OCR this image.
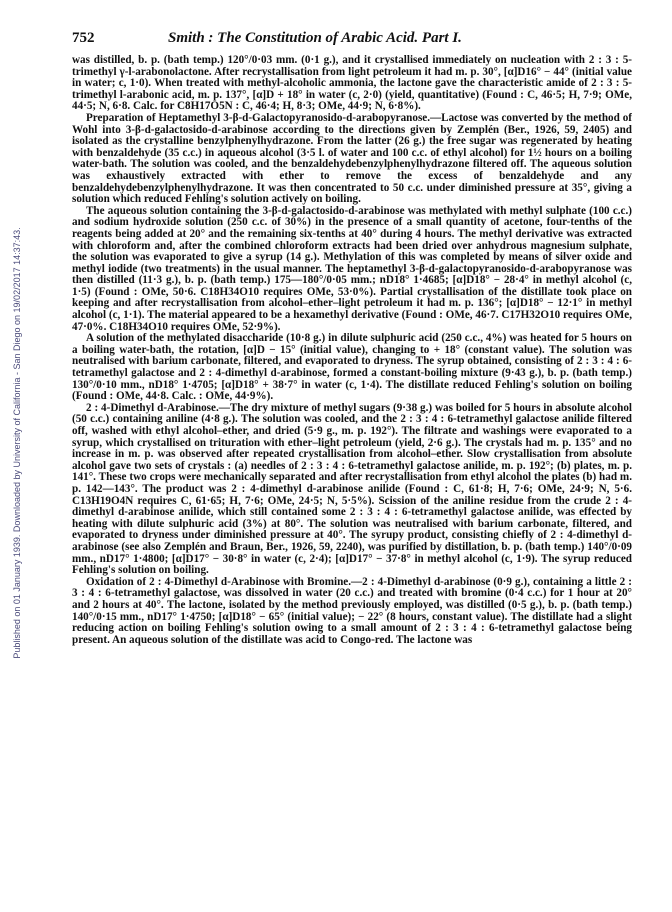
Published on 01 January 1939. Downloaded by University of California - San Diego on 19/02/2017 14:37:43.
752	Smith : The Constitution of Arabic Acid. Part I.

was distilled, b. p. (bath temp.) 120°/0·03 mm. (0·1 g.), and it crystallised immediately on nucleation with 2 : 3 : 5-trimethyl γ-l-arabonolactone. After recrystallisation from light petroleum it had m. p. 30°, [α]D16° − 44° (initial value in water; c, 1·0). When treated with methyl-alcoholic ammonia, the lactone gave the characteristic amide of 2 : 3 : 5-trimethyl l-arabonic acid, m. p. 137°, [α]D + 18° in water (c, 2·0) (yield, quantitative) (Found : C, 46·5; H, 7·9; OMe, 44·5; N, 6·8. Calc. for C8H17O5N : C, 46·4; H, 8·3; OMe, 44·9; N, 6·8%).

Preparation of Heptamethyl 3-β-d-Galactopyranosido-d-arabopyranose.—Lactose was converted by the method of Wohl into 3-β-d-galactosido-d-arabinose according to the directions given by Zemplén (Ber., 1926, 59, 2405) and isolated as the crystalline benzylphenylhydrazone. From the latter (26 g.) the free sugar was regenerated by heating with benzaldehyde (35 c.c.) in aqueous alcohol (3·5 l. of water and 100 c.c. of ethyl alcohol) for 1½ hours on a boiling water-bath. The solution was cooled, and the benzaldehydebenzylphenylhydrazone filtered off. The aqueous solution was exhaustively extracted with ether to remove the excess of benzaldehyde and any benzaldehydebenzylphenylhydrazone. It was then concentrated to 50 c.c. under diminished pressure at 35°, giving a solution which reduced Fehling's solution actively on boiling.

The aqueous solution containing the 3-β-d-galactosido-d-arabinose was methylated with methyl sulphate (100 c.c.) and sodium hydroxide solution (250 c.c. of 30%) in the presence of a small quantity of acetone, four-tenths of the reagents being added at 20° and the remaining six-tenths at 40° during 4 hours. The methyl derivative was extracted with chloroform and, after the combined chloroform extracts had been dried over anhydrous magnesium sulphate, the solution was evaporated to give a syrup (14 g.). Methylation of this was completed by means of silver oxide and methyl iodide (two treatments) in the usual manner. The heptamethyl 3-β-d-galactopyranosido-d-arabopyranose was then distilled (11·3 g.), b. p. (bath temp.) 175—180°/0·05 mm.; nD18° 1·4685; [α]D18° − 28·4° in methyl alcohol (c, 1·5) (Found : OMe, 50·6. C18H34O10 requires OMe, 53·0%). Partial crystallisation of the distillate took place on keeping and after recrystallisation from alcohol–ether–light petroleum it had m. p. 136°; [α]D18° − 12·1° in methyl alcohol (c, 1·1). The material appeared to be a hexamethyl derivative (Found : OMe, 46·7. C17H32O10 requires OMe, 47·0%. C18H34O10 requires OMe, 52·9%).

A solution of the methylated disaccharide (10·8 g.) in dilute sulphuric acid (250 c.c., 4%) was heated for 5 hours on a boiling water-bath, the rotation, [α]D − 15° (initial value), changing to + 18° (constant value). The solution was neutralised with barium carbonate, filtered, and evaporated to dryness. The syrup obtained, consisting of 2 : 3 : 4 : 6-tetramethyl galactose and 2 : 4-dimethyl d-arabinose, formed a constant-boiling mixture (9·43 g.), b. p. (bath temp.) 130°/0·10 mm., nD18° 1·4705; [α]D18° + 38·7° in water (c, 1·4). The distillate reduced Fehling's solution on boiling (Found : OMe, 44·8. Calc. : OMe, 44·9%).

2 : 4-Dimethyl d-Arabinose.—The dry mixture of methyl sugars (9·38 g.) was boiled for 5 hours in absolute alcohol (50 c.c.) containing aniline (4·8 g.). The solution was cooled, and the 2 : 3 : 4 : 6-tetramethyl galactose anilide filtered off, washed with ethyl alcohol–ether, and dried (5·9 g., m. p. 192°). The filtrate and washings were evaporated to a syrup, which crystallised on trituration with ether–light petroleum (yield, 2·6 g.). The crystals had m. p. 135° and no increase in m. p. was observed after repeated crystallisation from alcohol–ether. Slow crystallisation from absolute alcohol gave two sets of crystals : (a) needles of 2 : 3 : 4 : 6-tetramethyl galactose anilide, m. p. 192°; (b) plates, m. p. 141°. These two crops were mechanically separated and after recrystallisation from ethyl alcohol the plates (b) had m. p. 142—143°. The product was 2 : 4-dimethyl d-arabinose anilide (Found : C, 61·8; H, 7·6; OMe, 24·9; N, 5·6. C13H19O4N requires C, 61·65; H, 7·6; OMe, 24·5; N, 5·5%). Scission of the aniline residue from the crude 2 : 4-dimethyl d-arabinose anilide, which still contained some 2 : 3 : 4 : 6-tetramethyl galactose anilide, was effected by heating with dilute sulphuric acid (3%) at 80°. The solution was neutralised with barium carbonate, filtered, and evaporated to dryness under diminished pressure at 40°. The syrupy product, consisting chiefly of 2 : 4-dimethyl d-arabinose (see also Zemplén and Braun, Ber., 1926, 59, 2240), was purified by distillation, b. p. (bath temp.) 140°/0·09 mm., nD17° 1·4800; [α]D17° − 30·8° in water (c, 2·4); [α]D17° − 37·8° in methyl alcohol (c, 1·9). The syrup reduced Fehling's solution on boiling.

Oxidation of 2 : 4-Dimethyl d-Arabinose with Bromine.—2 : 4-Dimethyl d-arabinose (0·9 g.), containing a little 2 : 3 : 4 : 6-tetramethyl galactose, was dissolved in water (20 c.c.) and treated with bromine (0·4 c.c.) for 1 hour at 20° and 2 hours at 40°. The lactone, isolated by the method previously employed, was distilled (0·5 g.), b. p. (bath temp.) 140°/0·15 mm., nD17° 1·4750; [α]D18° − 65° (initial value); − 22° (8 hours, constant value). The distillate had a slight reducing action on boiling Fehling's solution owing to a small amount of 2 : 3 : 4 : 6-tetramethyl galactose being present. An aqueous solution of the distillate was acid to Congo-red. The lactone was
